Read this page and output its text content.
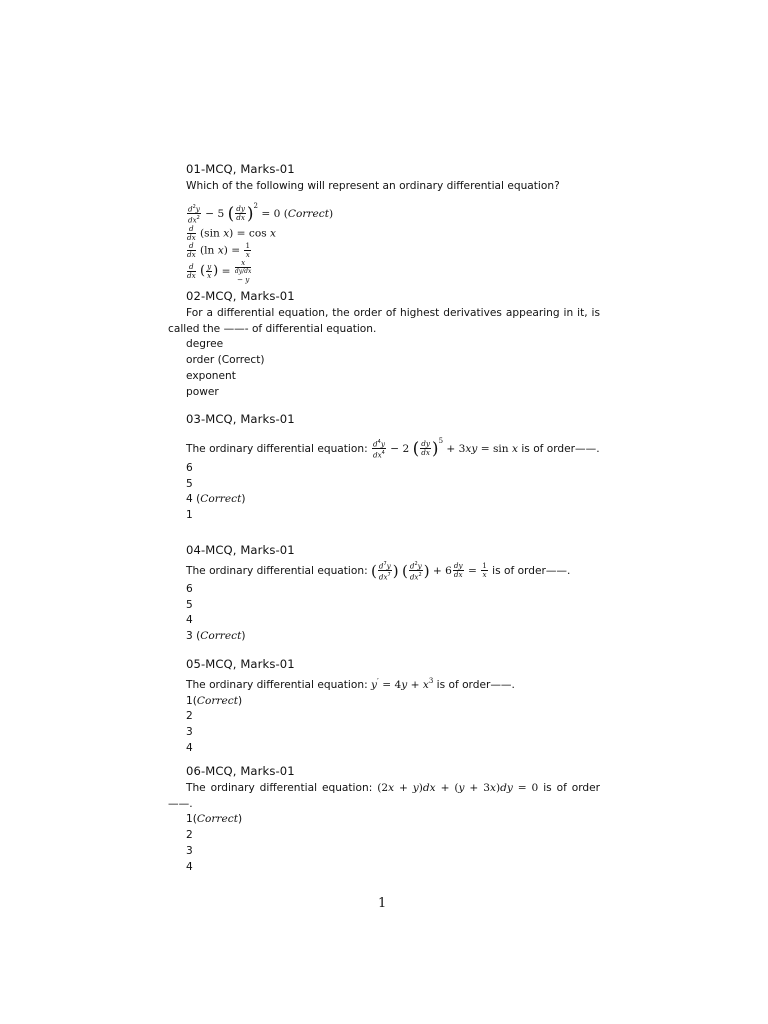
01-MCQ, Marks-01
Which of the following will represent an ordinary differential equation?
$\frac{d^2y}{dx^2} - 5$ ( $\frac{dy}{dx} )^2 = 0$ (Correct)
$\frac{d}{dx} (\sin$ x) = cos x
$\frac{d}{dx} (\ln$ $x) = \frac{1}{x}$
$\frac{d}{dx}$ ( $\frac{y}{x}$ ) =
x
dy/dx
− y

02-MCQ, Marks-01
For a differential equation, the order of highest derivatives appearing in it, is called the ——- of differential equation.
degree
order (Correct)
exponent
power
03-MCQ, Marks-01
The ordinary differential equation: $\frac{d^4y}{dx^4} - 2$ ( $\frac{dy}{dx} )^5 + 3xy = \sin x$ is of order——.
6
5
4 (Correct)
1
04-MCQ, Marks-01
The ordinary differential equation: ( $\frac{d^7y}{dx^7}$ ) ( $\frac{d^2y}{dx^2}$ ) + $6 \frac{dy}{dx} = \frac{1}{x}$ is of order——.
6
5
4
3 (Correct)
05-MCQ, Marks-01
The ordinary differential equation: $y' = 4y + x^3$ is of order——.
1(Correct)
2
3
4
06-MCQ, Marks-01
The ordinary differential equation: (2x + y)dx + (y + 3x)dy = 0 is of order——.
1(Correct)
2
3
4
1
